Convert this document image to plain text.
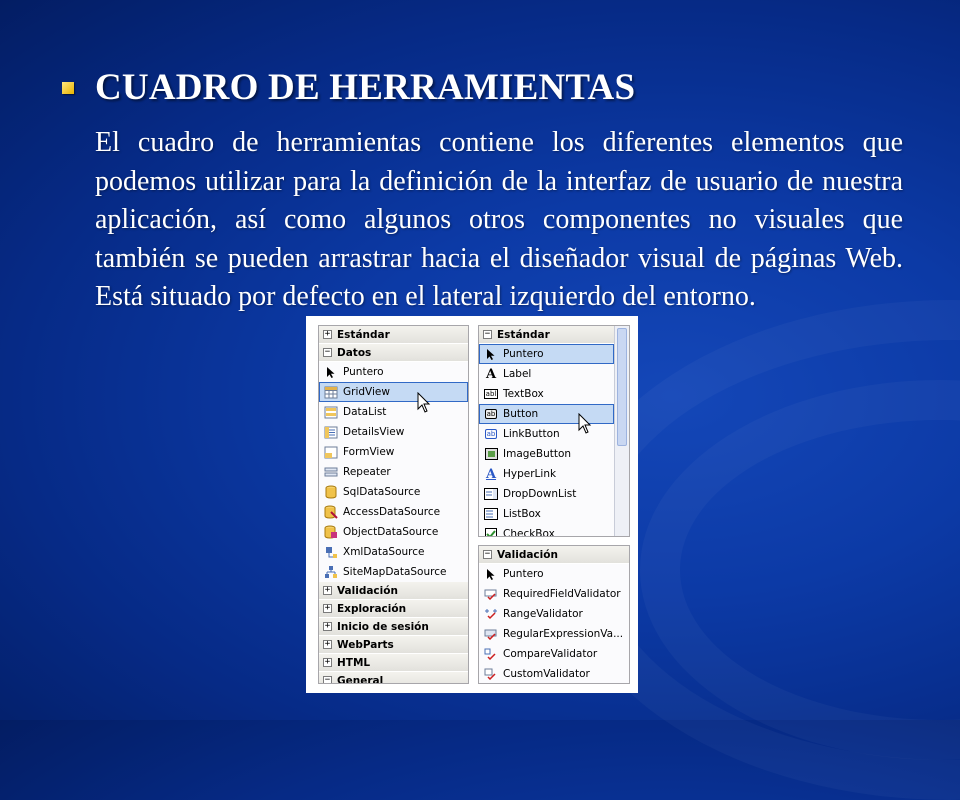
CUADRO DE HERRAMIENTAS
El cuadro de herramientas contiene los diferentes elementos que podemos utilizar para la definición de la interfaz de usuario de nuestra aplicación, así como algunos otros componentes no visuales que también se pueden arrastrar hacia el diseñador visual de páginas Web. Está situado por defecto en el lateral izquierdo del entorno.
+ Estándar
− Datos
Puntero
GridView
DataList
DetailsView
FormView
Repeater
SqlDataSource
AccessDataSource
ObjectDataSource
XmlDataSource
SiteMapDataSource
+ Validación
+ Exploración
+ Inicio de sesión
+ WebParts
+ HTML
− General
− Estándar
Puntero
A Label
abl TextBox
ab Button
ab LinkButton
ImageButton
A HyperLink
DropDownList
ListBox
CheckBox
− Validación
Puntero
RequiredFieldValidator
RangeValidator
RegularExpressionVa...
CompareValidator
CustomValidator
